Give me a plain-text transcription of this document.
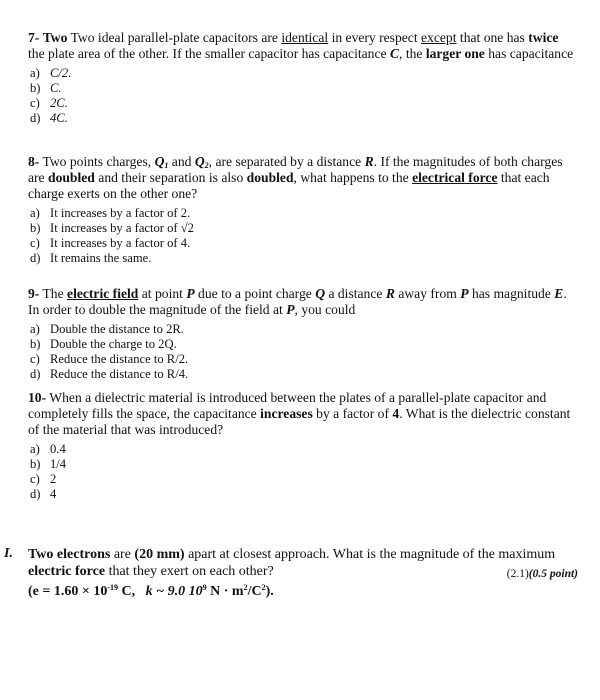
7- Two Two ideal parallel-plate capacitors are identical in every respect except that one has twice the plate area of the other. If the smaller capacitor has capacitance C, the larger one has capacitance

a) C/2.
b) C.
c) 2C.
d) 4C.

8- Two points charges, $Q_1$ and $Q_2$, are separated by a distance R. If the magnitudes of both charges are doubled and their separation is also doubled, what happens to the electrical force that each charge exerts on the other one?

a) It increases by a factor of 2.
b) It increases by a factor of √2
c) It increases by a factor of 4.
d) It remains the same.

9- The electric field at point P due to a point charge Q a distance R away from P has magnitude E. In order to double the magnitude of the field at P, you could

a) Double the distance to 2R.
b) Double the charge to 2Q.
c) Reduce the distance to R/2.
d) Reduce the distance to R/4.

10- When a dielectric material is introduced between the plates of a parallel-plate capacitor and completely fills the space, the capacitance increases by a factor of 4. What is the dielectric constant of the material that was introduced?

a) 0.4
b) 1/4
c) 2
d) 4
I. Two electrons are (20 mm) apart at closest approach. What is the magnitude of the maximum electric force that they exert on each other?	(2.1)(0.5 point)
($e = 1.60 \times 10^{-19}$ C, k ~ 9.0 $10^9$ $N \cdot m^2/C^2$).
